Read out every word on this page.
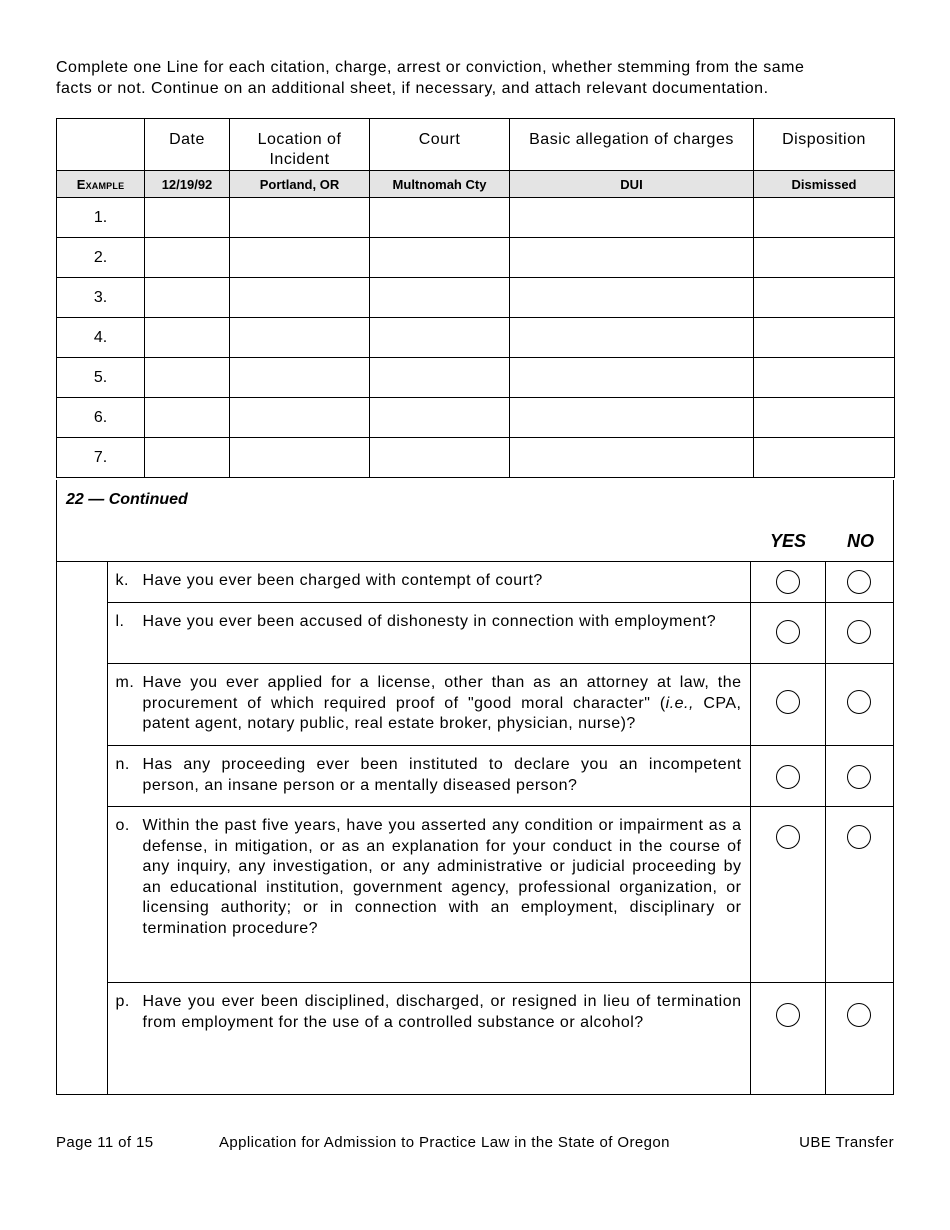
Complete one Line for each citation, charge, arrest or conviction, whether stemming from the same
facts or not. Continue on an additional sheet, if necessary, and attach relevant documentation.
	Date	Location of
Incident	Court	Basic allegation of charges	Disposition
Example	12/19/92	Portland, OR	Multnomah Cty	DUI	Dismissed
1.					
2.					
3.					
4.					
5.					
6.					
7.					
22 — Continued
YES NO

	k. Have you ever been charged with contempt of court?		

	l. Have you ever been accused of dishonesty in connection with employment?		

	m. Have you ever applied for a license, other than as an attorney at law, the procurement of which required proof of "good moral character" (i.e., CPA, patent agent, notary public, real estate broker, physician, nurse)?		

	n. Has any proceeding ever been instituted to declare you an incompetent person, an insane person or a mentally diseased person?		

	o. Within the past five years, have you asserted any condition or impairment as a defense, in mitigation, or as an explanation for your conduct in the course of any inquiry, any investigation, or any administrative or judicial proceeding by an educational institution, government agency, professional organization, or licensing authority; or in connection with an employment, disciplinary or termination procedure?		

	p. Have you ever been disciplined, discharged, or resigned in lieu of termination from employment for the use of a controlled substance or alcohol?		

Page 11 of 15	Application for Admission to Practice Law in the State of Oregon	UBE Transfer
